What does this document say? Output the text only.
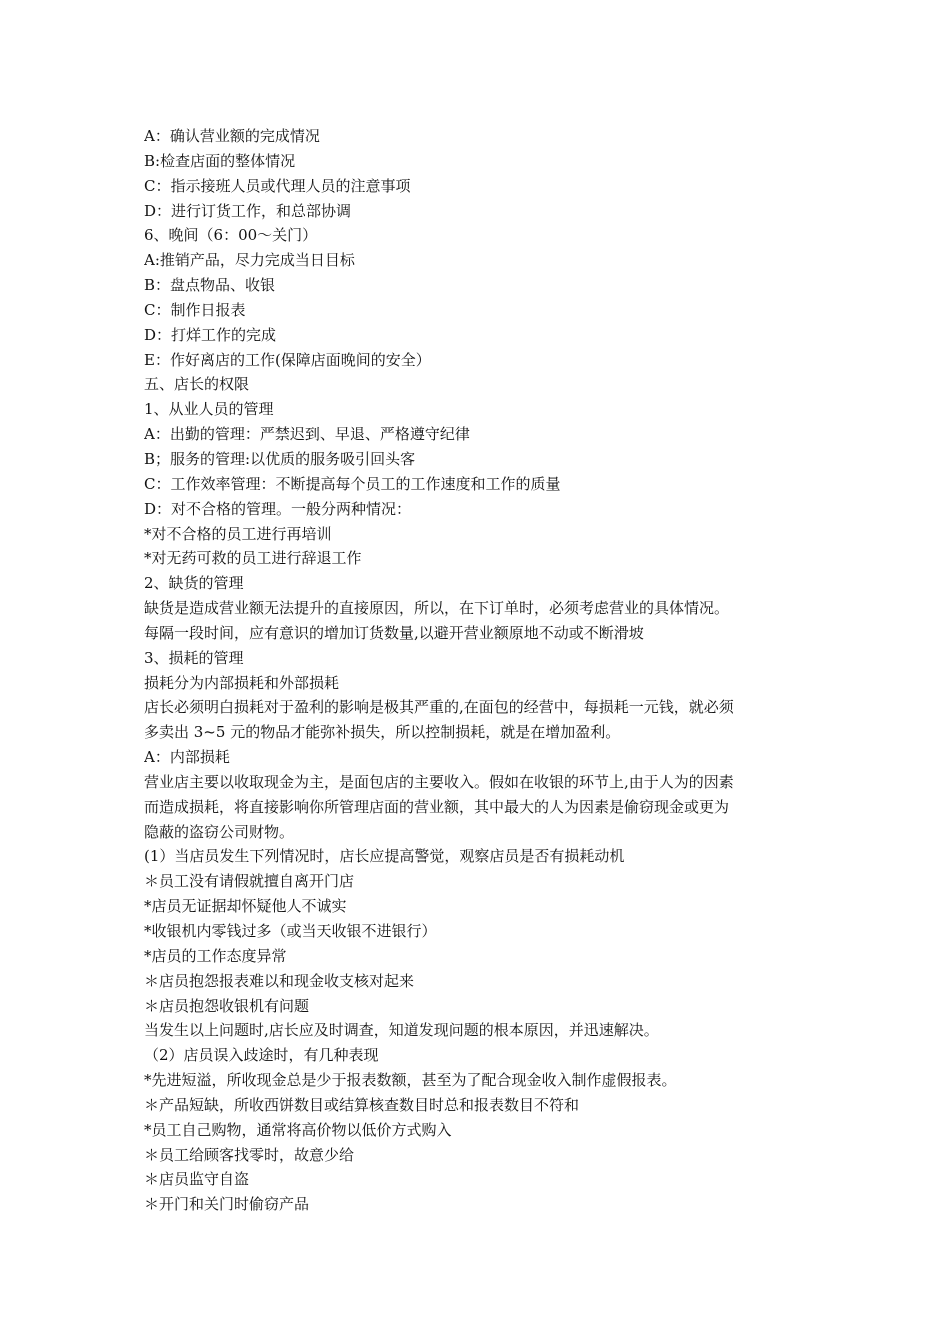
A：确认营业额的完成情况
B:检查店面的整体情况
C：指示接班人员或代理人员的注意事项
D：进行订货工作，和总部协调
6、晚间（6：00～关门）
A:推销产品，尽力完成当日目标
B：盘点物品、收银
C：制作日报表
D：打烊工作的完成
E：作好离店的工作(保障店面晚间的安全）
五、店长的权限
1、从业人员的管理
A：出勤的管理：严禁迟到、早退、严格遵守纪律
B；服务的管理:以优质的服务吸引回头客
C：工作效率管理：不断提高每个员工的工作速度和工作的质量
D：对不合格的管理。一般分两种情况：
*对不合格的员工进行再培训
*对无药可救的员工进行辞退工作
2、缺货的管理
缺货是造成营业额无法提升的直接原因，所以，在下订单时，必须考虑营业的具体情况。
每隔一段时间，应有意识的增加订货数量,以避开营业额原地不动或不断滑坡
3、损耗的管理
损耗分为内部损耗和外部损耗
店长必须明白损耗对于盈利的影响是极其严重的,在面包的经营中，每损耗一元钱，就必须
多卖出 3~5 元的物品才能弥补损失，所以控制损耗，就是在增加盈利。
A：内部损耗
营业店主要以收取现金为主，是面包店的主要收入。假如在收银的环节上,由于人为的因素
而造成损耗，将直接影响你所管理店面的营业额，其中最大的人为因素是偷窃现金或更为
隐蔽的盗窃公司财物。
(1）当店员发生下列情况时，店长应提高警觉，观察店员是否有损耗动机
＊员工没有请假就擅自离开门店
*店员无证据却怀疑他人不诚实
*收银机内零钱过多（或当天收银不进银行）
*店员的工作态度异常
＊店员抱怨报表难以和现金收支核对起来
＊店员抱怨收银机有问题
当发生以上问题时,店长应及时调查，知道发现问题的根本原因，并迅速解决。
（2）店员误入歧途时，有几种表现
*先进短溢，所收现金总是少于报表数额，甚至为了配合现金收入制作虚假报表。
＊产品短缺，所收西饼数目或结算核查数目时总和报表数目不符和
*员工自己购物，通常将高价物以低价方式购入
＊员工给顾客找零时，故意少给
＊店员监守自盗
＊开门和关门时偷窃产品
